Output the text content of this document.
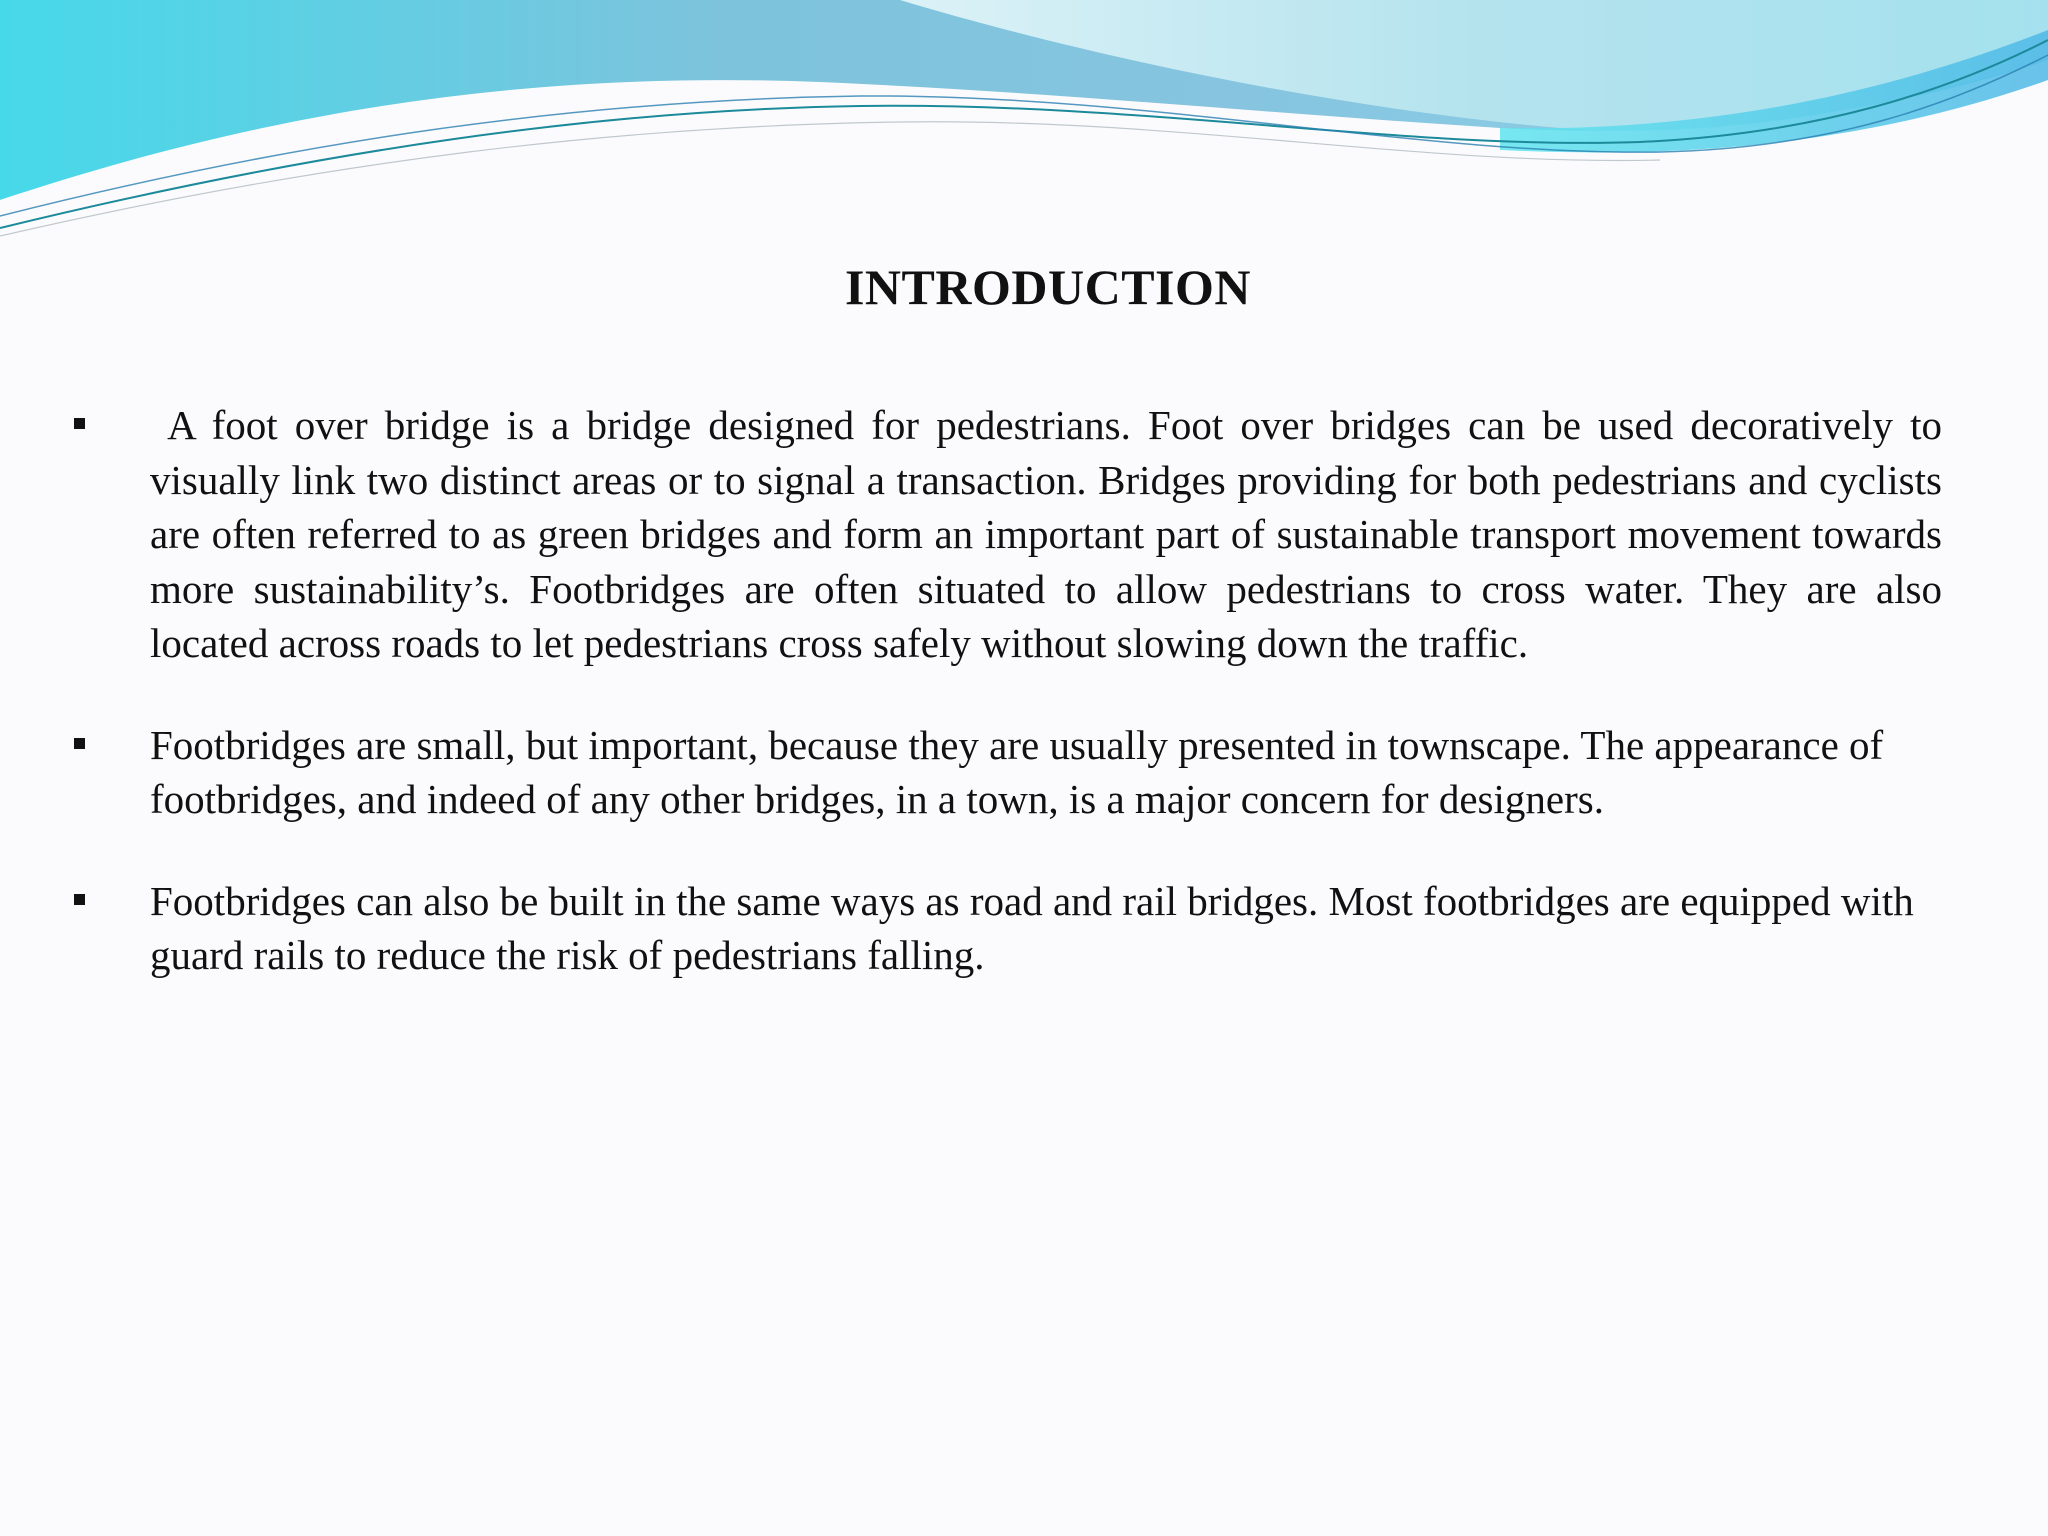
INTRODUCTION

A foot over bridge is a bridge designed for pedestrians. Foot over bridges can be used decoratively to visually link two distinct areas or to signal a transaction. Bridges providing for both pedestrians and cyclists are often referred to as green bridges and form an important part of sustainable transport movement towards more sustainability’s. Footbridges are often situated to allow pedestrians to cross water. They are also located across roads to let pedestrians cross safely without slowing down the traffic.

Footbridges are small, but important, because they are usually presented in townscape. The appearance of footbridges, and indeed of any other bridges, in a town, is a major concern for designers.

Footbridges can also be built in the same ways as road and rail bridges. Most footbridges are equipped with guard rails to reduce the risk of pedestrians falling.
